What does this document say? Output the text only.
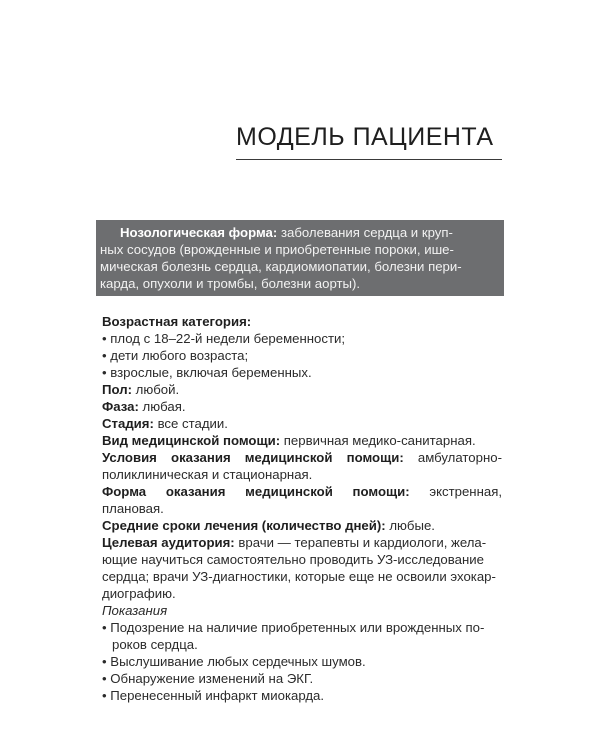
МОДЕЛЬ ПАЦИЕНТА
Нозологическая форма: заболевания сердца и круп-
ных сосудов (врожденные и приобретенные пороки, ише-
мическая болезнь сердца, кардиомиопатии, болезни пери-
карда, опухоли и тромбы, болезни аорты).
Возрастная категория:
• плод с 18–22-й недели беременности;
• дети любого возраста;
• взрослые, включая беременных.
Пол: любой.
Фаза: любая.
Стадия: все стадии.
Вид медицинской помощи: первичная медико-санитарная.
Условия оказания медицинской помощи: амбулаторно-
поликлиническая и стационарная.
Форма оказания медицинской помощи: экстренная,
плановая.
Средние сроки лечения (количество дней): любые.
Целевая аудитория: врачи — терапевты и кардиологи, жела-
ющие научиться самостоятельно проводить УЗ-исследование
сердца; врачи УЗ-диагностики, которые еще не освоили эхокар-
диографию.
Показания
• Подозрение на наличие приобретенных или врожденных по-
роков сердца.
• Выслушивание любых сердечных шумов.
• Обнаружение изменений на ЭКГ.
• Перенесенный инфаркт миокарда.
